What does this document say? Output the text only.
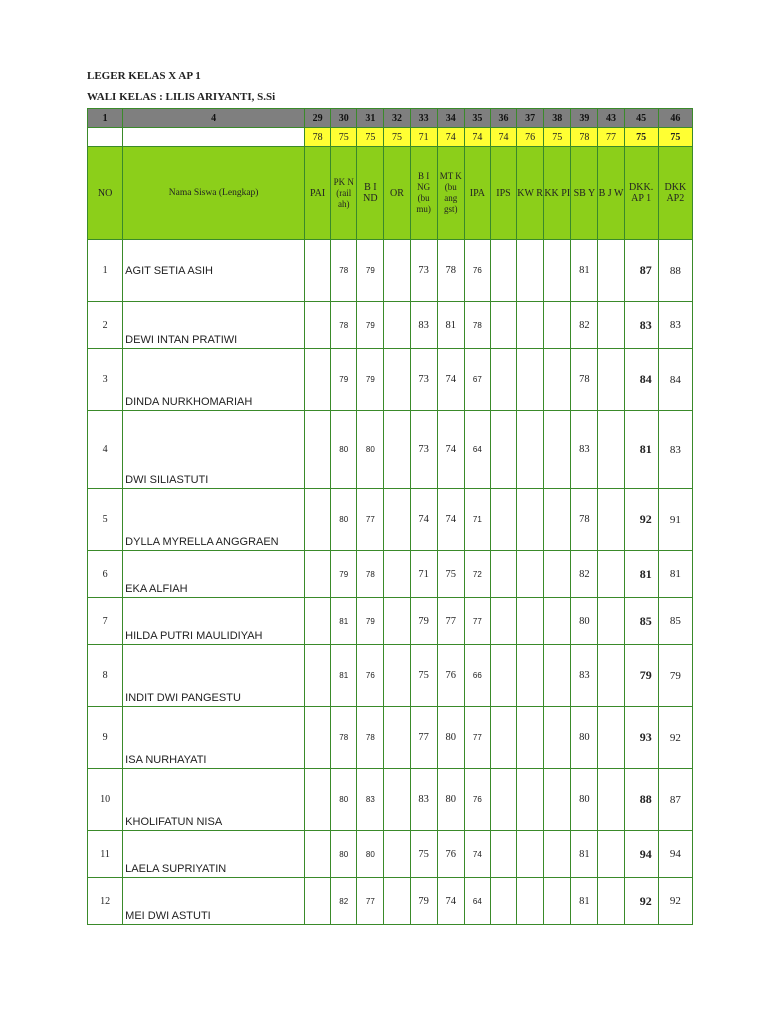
LEGER KELAS X AP 1
WALI KELAS : LILIS ARIYANTI, S.Si
1	4	29	30	31	32	33	34	35	36	37	38	39	43	45	46
		78	75	75	75	71	74	74	74	76	75	78	77	75	75
NO	Nama Siswa (Lengkap)	PAI	PK N (rail ah)	B I ND	OR	B I NG (bu mu)	MT K (bu ang gst)	IPA	IPS	KW R	KK PI	SB Y	B J W	DKK. AP 1	DKK AP2
1	AGIT SETIA ASIH		78	79		73	78	76				81		87	88
2	DEWI INTAN PRATIWI		78	79		83	81	78				82		83	83
3	DINDA NURKHOMARIAH		79	79		73	74	67				78		84	84
4	DWI SILIASTUTI		80	80		73	74	64				83		81	83
5	DYLLA MYRELLA ANGGRAEN		80	77		74	74	71				78		92	91
6	EKA ALFIAH		79	78		71	75	72				82		81	81
7	HILDA PUTRI MAULIDIYAH		81	79		79	77	77				80		85	85
8	INDIT DWI PANGESTU		81	76		75	76	66				83		79	79
9	ISA NURHAYATI		78	78		77	80	77				80		93	92
10	KHOLIFATUN NISA		80	83		83	80	76				80		88	87
11	LAELA SUPRIYATIN		80	80		75	76	74				81		94	94
12	MEI DWI ASTUTI		82	77		79	74	64				81		92	92
